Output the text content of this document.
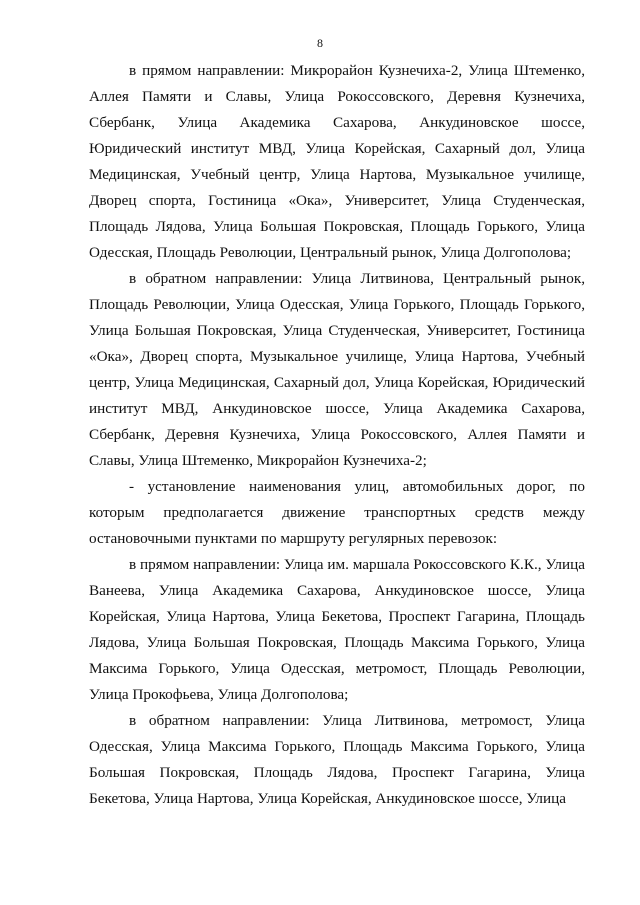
8

в прямом направлении: Микрорайон Кузнечиха-2, Улица Штеменко, Аллея Памяти и Славы, Улица Рокоссовского, Деревня Кузнечиха, Сбербанк, Улица Академика Сахарова, Анкудиновское шоссе, Юридический институт МВД, Улица Корейская, Сахарный дол, Улица Медицинская, Учебный центр, Улица Нартова, Музыкальное училище, Дворец спорта, Гостиница «Ока», Университет, Улица Студенческая, Площадь Лядова, Улица Большая Покровская, Площадь Горького, Улица Одесская, Площадь Революции, Центральный рынок, Улица Долгополова;

в обратном направлении: Улица Литвинова, Центральный рынок, Площадь Революции, Улица Одесская, Улица Горького, Площадь Горького, Улица Большая Покровская, Улица Студенческая, Университет, Гостиница «Ока», Дворец спорта, Музыкальное училище, Улица Нартова, Учебный центр, Улица Медицинская, Сахарный дол, Улица Корейская, Юридический институт МВД, Анкудиновское шоссе, Улица Академика Сахарова, Сбербанк, Деревня Кузнечиха, Улица Рокоссовского, Аллея Памяти и Славы, Улица Штеменко, Микрорайон Кузнечиха-2;

- установление наименования улиц, автомобильных дорог, по которым предполагается движение транспортных средств между остановочными пунктами по маршруту регулярных перевозок:

в прямом направлении: Улица им. маршала Рокоссовского К.К., Улица Ванеева, Улица Академика Сахарова, Анкудиновское шоссе, Улица Корейская, Улица Нартова, Улица Бекетова, Проспект Гагарина, Площадь Лядова, Улица Большая Покровская, Площадь Максима Горького, Улица Максима Горького, Улица Одесская, метромост, Площадь Революции, Улица Прокофьева, Улица Долгополова;

в обратном направлении: Улица Литвинова, метромост, Улица Одесская, Улица Максима Горького, Площадь Максима Горького, Улица Большая Покровская, Площадь Лядова, Проспект Гагарина, Улица Бекетова, Улица Нартова, Улица Корейская, Анкудиновское шоссе, Улица
